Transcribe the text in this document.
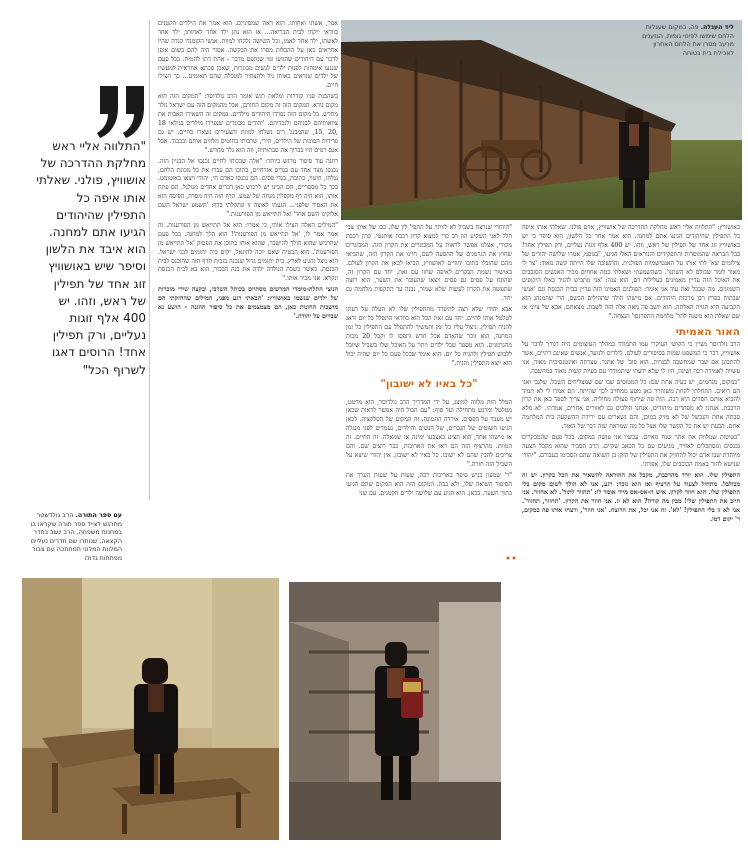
ליד העגלה. פה, במקום שעגלות הלחם שימשו לפינוי גופות, הגזענים מרעב מסרו את הלחם האחרון לאכילת בית בטוחה
"התלווה אליי ראש מחלקת ההדרכה של אושוויץ, פולני. שאלתי אותו איפה כל התפילין שהיהודים הגיעו אתם למחנה. הוא איבד את הלשון וסיפר שיש באושוויץ זוג אחד של תפילין של ראש, וזהו. יש 400 אלף זוגות נעליים, ורק תפילין אחד! הרוסים דאגו לשרוף הכל"
עם ספר התורה. הרב גולדשטר מתרגש לצייד ספר תורה שקראו בו במחנות משפחה. הרב יושב בחדר הקצאה, שנותרו שם חדרים נעליים המלוות המלוני המחתכה עם צבור מפתחות גדולו

אמר, אשתו ואחותו. הוא ראה שמסיניים. הוא אמר את הילדים הקטנים בוודאי ייקחו לבית הבריאה... אז הוא נתן ילד אחד לאחותו, ילד אחד לאשתו, ילד אחד לאמו, וכל השישה נלקחו למוות. אנשי הקומנדו קנדה שהיו אחראים כאן על ההבלות מסרו את הבקשה. אסור היה להם בשום אופן לדבר עם היהודים שהגיעו ומי שנתפס מדבר - אחת דתו להמית. בכל פעם שנגעו אימהות לפנות ילדים לנשים מבוגרות, שאכן סבתא אחראית למעשיו של ילדים שנראים באותו גיל ולהצהיר למנכלה שהם תאומים... כך הצילו חיים.

כשהבנת פניו קודרות ומלאת רגש אומר הרב גולדוסר: "המקום הזה הוא מקום נורא. המקום הזה זה מקום החורבן, אבל מהמקום הזה עם ישראל גולד מחדש. כל מקום הזה נפרדו היהודים מילדים. במקום זה השאירו האבות את צוואותיהם לבניהם ולנכדיהם. 'יהודים מבוגרים שנפרדו מילדים בגילאי 18 ,20 ,15, שהמבנג' רים נשלחו למוות והצעירים נשארו בחיים. יש גם פרידות הפוכות של הילדים, הירי, שרבותו בחוטים מלווים אותם ובכבוד. אבל אגם רמים היו בברוך את סבתותיה, וזה הוא גלד מחדש."

רוזנה עוד סיפור מרגש ביותר: "אלה שבכוחו לחיים נכנסו אל הבניין הזה. נכנסו מצד אחד עם בגדים אזרחיים, בתוכו הם עברו את כל מכונת הלחם, נגלחו, חיטוי, כתובת, בגדי פסים. הם נכנסו כאדם חי, יהודי ויצאו כאוטומט. בכך כל מספריים, הם הבינו יש לרכוש כאן דברים אחדים מגולגל. הם פתח אותו, הוא היה דף מקפלת מנחה של שמע. הדף הזה היה מסדה, הפיסה הוא את האסיר שלפני... הגעתי לאוצה זו ונתקלתי בדף: 'תשמע ישראל השם אלוקינו השם אחד' ואל תתייאש מן הפורענות."

"המילים האלה הצילו אותי, כי אמרו: הוא אל תתייאש מן הפורענות. זה אמר אמר לו, 'אל תתייאש מן הפורענות'! הוא הלך למחנה. בכל פעם שהרגיש שהוא הולך להישבר, שהוא אוחז בתוכן את הפסוק 'אל תתייאש מן הפורענות'. הוא הבטיח שאם יוכה להיגאל, יקים בית יתומים לבני ישראל. הוא ניצל והגיע לארץ. בית יתומים גדול שנבנה בזכות הדף הזה שהוכנס לבית הכנסת. כאשר כשבת הנולדה ילדה את בנה הבכור, הוא בא לבית הכנסת ונקרא. אני מכיר אותו."

הנוצי התלת-מימדי המרשים מסתיים בכותל השרבי, ובקצה שירי מזכרות של ילדים שנשמו באושוויץ: 'הבאתי רגע מפני, המילים שהחזקתי הם מושכות החזנות כאן, הם מצמצמים את כל סיפור ההגנה - הושע נא שבויים על יהודה.'

"היהודי שנרצח בשביל לא לוותר על התפי' לין שלו. כבו של אותו צבי הלל לאני השקיע הון רב כדי למצוא קרון רכבת אותנטי. קרון רכבת מקורי, אצלנו אפשר לראות על המבוגרים את הקרון הזה. המבוגרים שחוץ את הגרמנים של ההסעה לשם, חיינו את הקרון הזה, שהביאו מהם שהובלו בתוכו יהודים לאושוויץ, הביאו לכאן את הקרון לעולם. באישור נשמת הבקרים לאיפה שחוו עם זאת. יחד עם הקרון זה, שהונח על פסים גם פסים ויצאו שהעובר את השער, הוא רוצה שתעשה את הקרון לעשות שלא שמור, נבנה עד התקפות מלחמת גם יחד.

אבא יהודי שלא רצה להיפרד מהתפילין שלו לא העלה על דעתו לטלטל אותו לחיים. יחד עם זאת הכל הוא בוודאי התפלל כל יום ודאג להניח תפילין. ניצול עליו כל זמן והמשיך להתפלל עם התפילין כל זמן המחנה, הוא זוכר שהאדם אכל חדש ותפסו לו וקבל 20 מכות מהגרמנים. הוא מספר שכל ילדים ויתר על האוכל שלו בשביל שיוכל ללבוש תפילין ולהניח כל יום. הוא אומר שבכל פעם כל יום שהיה יכול הוא יוצא התפילין והניח."

"כל באיו לא ישובון"

המלל הזה מלווה למוצג, על ידי המדריך הרב גולדוסר, הוא מרטט, מטלטל ומרגש מתחילה ועד סוף: "עם הכול היה אפשר לראות שכאן יש מעבר על הפסים. אורדה ההמונה. זה המקום של הסלקציה. לכאן הגיעו השוטים של הגברים, של הנשים והילדים, נעמדים לפני מנגלה או מישהו אחר, הוא הציע באצבעו ימינה או שמאלה. זה החיים. זה המוות. מהרציף הזה הם ראו את הארובות, כבר רוצים שם. והם צריכים להבין שהם לא ישובו. כל באיו לא ישובון. אין יהודי שיצא על השביל הזה חזרה."

"ר' שמעון בניש סיפר באריכות רבה, שעות על שעות הערך את הסיפור השואה שלו, ולא בבה. המקום הזה הוא המקום שהם הגיעו בתוך השער. בכאן. הוא הגיע עם שלושה ילדים הקטנים. עם שני

באושוויץ: "התלווה אליי ראש מחלקת ההדרכה של אושוויץ, אדם פולני. שאלתי אותו איפה כל התפילין שהיהודים הגיעו אתם למחנה. הוא אמר אחר כל הלשון, הוא סיפר כי יש באושוויץ זוג אחד של תפילין של ראש, וזהו. יש 400 אלף זוגות נעליים, ורק תפילין אחד! כבל הבראה שהמוסדות והתפקידים והנוראים האלו הגיעו, "בגוסמ, אמרו שלושה יהודים של צילומים שא' לתי אותו על האנטישמיות הפולנית. והתשובה שלו הייתה קשה מאוד: 'צר לי מאוד לומר שכולם לא השתנו'. כשהשמעתי ושאלתי כמה אחחים מכיר האנשים הסובבים את האוכל הזה עדיין מאמינים בעלילות דם, הוא ענה: 'אני מתביש להגיד באלו היקופים השמונים. מה שבכל זאת עוד אני אומר: הפולנים האמינו הזה עדיין בבית הכנסת וגם 'אנשי שבתות בפרץ רבן מרכזת היהודים. אם מישהו הולך שתהילים הבשם, הרי שהמנהג הוא הקביעה היא הגויה האלתה. הוא יושב פה מאה אלה הזה לשבת. מצאתם. אבא של ציוני או שם שאלת הוא משנה להר' מלחמה התפרנסו' הנצחה."

האור האמיתי

הרב גולדוסר מציין כי הקושי העיקרי עמו התמודד במהלך העיצומים היה דגורך לדבר על אושוויץ, דבר כי המשפט שמות בסיפורים לעולם. לילדים ולנוער, אנשים שאינם דתיים, אשר להתבונן אם שבר שמחשבה לבגרות. הוא סוב' של אתגר. עצרתה ואינטנסיבית מאוד, אני עשויה לאמירה רבה ושינה, היו לו שלא ידעתי שיתמודדו עם בעיות קשות מאוד במחשבה.

"במקום, מנחמים, יש בעיה אחת שם: כל המטוסים שבו שם שמצליחים השכל. שלגבי ואני הם רואים. התחלתי לקחת משוחרר כאן מסע ממחויב לכך שהיתה. הם אמרו לי לא תמיד להביא אותם חסרים היא רבה. היה פה שיתוף פעולה מחוליה. אני צריך לספר כאן את קרון הרכבת. אנחנו לא מפחדים מיהודים, אנחנו הולכים גם לאזורים אחרים, אמרתי. לא מלא סבתה אחת והנכשל של לא מזיק כמובן, והם נשארים עם ירידת ההשקעה בית המלחמה אתם. הבעת יש את כל הקשר שלו אצל כל מה שמראה שזה דבר של האור.

"בטיסות שמלוות את אתר שנח מאיים. עכשיו אני עושה במקום. בכל פעם שהמבקרים נכנסים ומסתכלים לאוויר, מגיעים עם כל הכאב שקיים. הרב הסביר שהוא מקבל הצעה מיוחדת שבו אדם יכול להחזיק את התפילין של הזקן בן השואה שהם הסכימו בעבורם. "יהודי שנישא לחור באמת הכוכבים שלו, אפרתי.

התפילין שלו. הוא יורד מהרכבת, מקבל את ההוראה להשאיר את הכל בקרון. יש זה מבולבל. מתחיל לצעוד על הרציף ואז הוא נזכר: רגע, אני לא הולך לשום מקום בלי התפילין שלי. הוא חוזר לקרון. איש ה-אס-אס מייד אומר לו: 'תחזור לתור'. לא אחזור. אני חייב את התפילין שלי! מבין מה קורה? הוא לא זז. אני חוזר את הקרון. 'תחזור, תחזור'. אני לא זז בלי התפילין! 'לא'. זה אני יכל, את הרוצח. 'אני חוזר', ורצחו אותו פה במקום, ר' יקום דמו.
